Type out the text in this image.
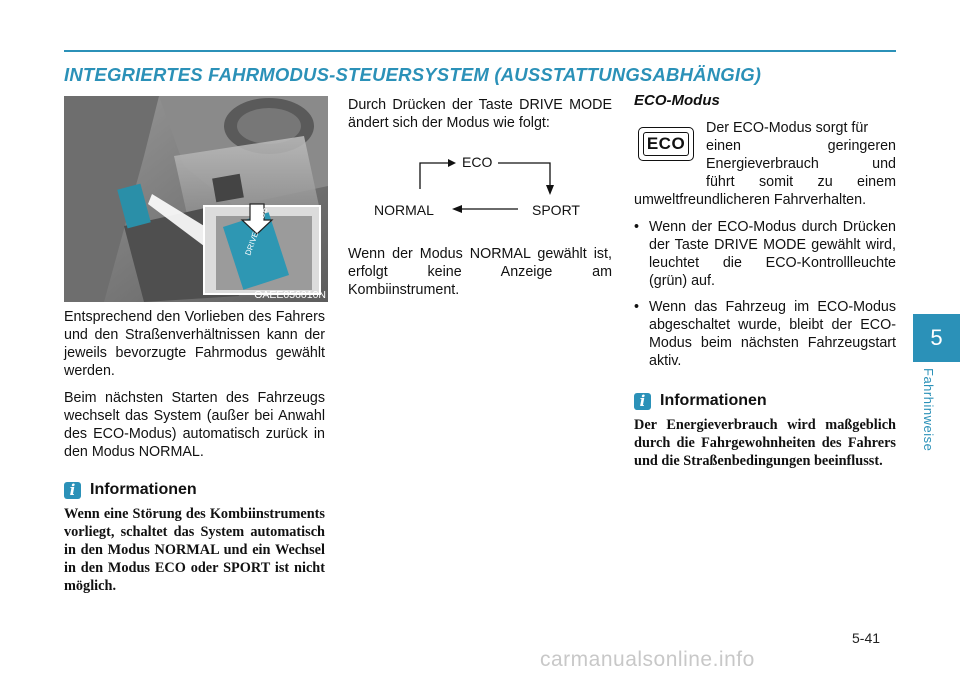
INTEGRIERTES FAHRMODUS-STEUERSYSTEM (AUSSTATTUNGSABHÄNGIG)
DRIVE MODE
OAEE056010N

Entsprechend den Vorlieben des Fahrers und den Straßenverhältnissen kann der jeweils bevorzugte Fahrmodus gewählt werden.

Beim nächsten Starten des Fahrzeugs wechselt das System (außer bei Anwahl des ECO-Modus) automatisch zurück in den Modus NORMAL.

i Informationen

Wenn eine Störung des Kombiinstruments vorliegt, schaltet das System automatisch in den Modus NORMAL und ein Wechsel in den Modus ECO oder SPORT ist nicht möglich.

Durch Drücken der Taste DRIVE MODE ändert sich der Modus wie folgt:

ECO
SPORT
NORMAL

Wenn der Modus NORMAL gewählt ist, erfolgt keine Anzeige am Kombiinstrument.

ECO-Modus

ECO

Der ECO-Modus sorgt für
einen geringeren
Energieverbrauch und
führt somit zu einem
umweltfreundlicheren Fahrverhalten.

• Wenn der ECO-Modus durch Drücken der Taste DRIVE MODE gewählt wird, leuchtet die ECO-Kontrollleuchte (grün) auf.
• Wenn das Fahrzeug im ECO-Modus abgeschaltet wurde, bleibt der ECO-Modus beim nächsten Fahrzeugstart aktiv.
i Informationen

Der Energieverbrauch wird maßgeblich durch die Fahrgewohnheiten des Fahrers und die Straßenbedingungen beeinflusst.

5
Fahrhinweise
5-41
carmanualsonline.info
